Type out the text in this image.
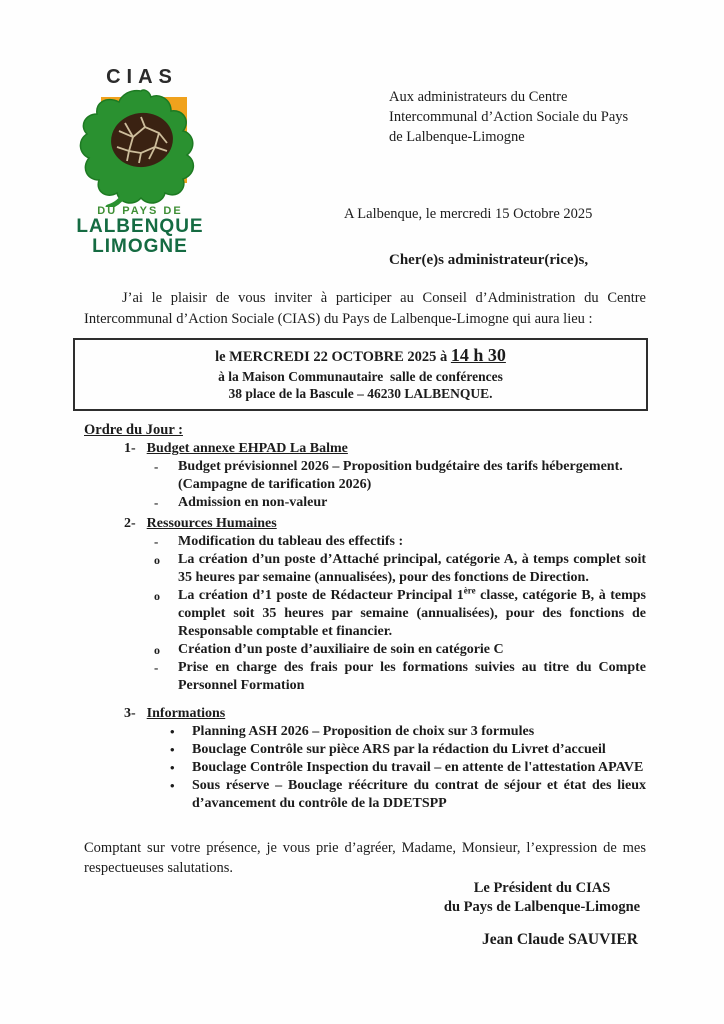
CIAS
DU PAYS DE
LALBENQUE
LIMOGNE
Aux administrateurs du Centre
Intercommunal d’Action Sociale du Pays
de Lalbenque-Limogne
A Lalbenque, le mercredi 15 Octobre 2025
Cher(e)s administrateur(rice)s,

J’ai le plaisir de vous inviter à participer au Conseil d’Administration du Centre Intercommunal d’Action Sociale (CIAS) du Pays de Lalbenque-Limogne qui aura lieu :

le MERCREDI 22 OCTOBRE 2025 à 14 h 30
à la Maison Communautaire  salle de conférences
38 place de la Bascule – 46230 LALBENQUE.
Ordre du Jour :
1- Budget annexe EHPAD La Balme
-	Budget prévisionnel 2026 – Proposition budgétaire des tarifs hébergement.
(Campagne de tarification 2026)
-	Admission en non-valeur
2- Ressources Humaines
-	Modification du tableau des effectifs :
o	La création d’un poste d’Attaché principal, catégorie A, à temps complet soit 35 heures par semaine (annualisées), pour des fonctions de Direction.
o	La création d’1 poste de Rédacteur Principal 1ère classe, catégorie B, à temps complet soit 35 heures par semaine (annualisées), pour des fonctions de Responsable comptable et financier.
o	Création d’un poste d’auxiliaire de soin en catégorie C
-	Prise en charge des frais pour les formations suivies au titre du Compte Personnel Formation
3- Informations
•	Planning ASH 2026 – Proposition de choix sur 3 formules
•	Bouclage Contrôle sur pièce ARS par la rédaction du Livret d’accueil
•	Bouclage Contrôle Inspection du travail – en attente de l'attestation APAVE
•	Sous réserve – Bouclage réécriture du contrat de séjour et état des lieux d’avancement du contrôle de la DDETSPP

Comptant sur votre présence, je vous prie d’agréer, Madame, Monsieur, l’expression de mes respectueuses salutations.

Le Président du CIAS
du Pays de Lalbenque-Limogne
Jean Claude SAUVIER
